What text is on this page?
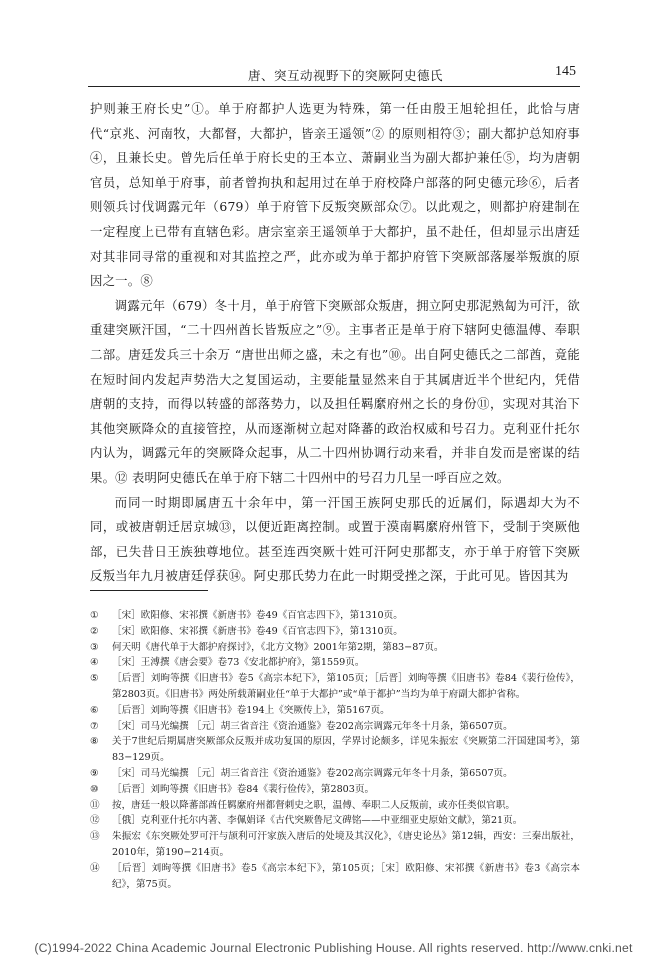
唐、突互动视野下的突厥阿史德氏	145

护则兼王府长史”①。单于府都护人选更为特殊，第一任由殷王旭轮担任，此恰与唐代“京兆、河南牧，大都督，大都护，皆亲王遥领”② 的原则相符③；副大都护总知府事④，且兼长史。曾先后任单于府长史的王本立、萧嗣业当为副大都护兼任⑤，均为唐朝官员，总知单于府事，前者曾拘执和起用过在单于府校降户部落的阿史德元珍⑥，后者则领兵讨伐调露元年（679）单于府管下反叛突厥部众⑦。以此观之，则都护府建制在一定程度上已带有直辖色彩。唐宗室亲王遥领单于大都护，虽不赴任，但却显示出唐廷对其非同寻常的重视和对其监控之严，此亦或为单于都护府管下突厥部落屡举叛旗的原因之一。⑧

调露元年（679）冬十月，单于府管下突厥部众叛唐，拥立阿史那泥熟匐为可汗，欲重建突厥汗国，“二十四州酋长皆叛应之”⑨。主事者正是单于府下辖阿史德温傅、奉职二部。唐廷发兵三十余万 “唐世出师之盛，未之有也”⑩。出自阿史德氏之二部酋，竟能在短时间内发起声势浩大之复国运动，主要能量显然来自于其属唐近半个世纪内，凭借唐朝的支持，而得以转盛的部落势力，以及担任羁縻府州之长的身份⑪，实现对其治下其他突厥降众的直接管控，从而逐渐树立起对降蕃的政治权威和号召力。克利亚什托尔内认为，调露元年的突厥降众起事，从二十四州协调行动来看，并非自发而是密谋的结果。⑫ 表明阿史德氏在单于府下辖二十四州中的号召力几呈一呼百应之效。

而同一时期即属唐五十余年中，第一汗国王族阿史那氏的近属们，际遇却大为不同，或被唐朝迁居京城⑬，以便近距离控制。或置于漠南羁縻府州管下，受制于突厥他部，已失昔日王族独尊地位。甚至连西突厥十姓可汗阿史那都支，亦于单于府管下突厥反叛当年九月被唐廷俘获⑭。阿史那氏势力在此一时期受挫之深，于此可见。皆因其为

①	［宋］欧阳修、宋祁撰《新唐书》卷49《百官志四下》，第1310页。

②	［宋］欧阳修、宋祁撰《新唐书》卷49《百官志四下》，第1310页。

③	何天明《唐代单于大都护府探讨》，《北方文物》2001年第2期，第83−87页。

④	［宋］王溥撰《唐会要》卷73《安北都护府》，第1559页。

⑤	［后晋］刘昫等撰《旧唐书》卷5《高宗本纪下》，第105页；［后晋］刘昫等撰《旧唐书》卷84《裴行俭传》，第2803页。《旧唐书》两处所载萧嗣业任“单于大都护”或“单于都护”当均为单于府副大都护省称。

⑥	［后晋］刘昫等撰《旧唐书》卷194上《突厥传上》，第5167页。

⑦	［宋］司马光编撰 ［元］胡三省音注《资治通鉴》卷202高宗调露元年冬十月条，第6507页。

⑧	关于7世纪后期属唐突厥部众反叛并成功复国的原因，学界讨论颇多，详见朱振宏《突厥第二汗国建国考》，第83−129页。

⑨	［宋］司马光编撰 ［元］胡三省音注《资治通鉴》卷202高宗调露元年冬十月条，第6507页。

⑩	［后晋］刘昫等撰《旧唐书》卷84《裴行俭传》，第2803页。

⑪	按，唐廷一般以降蕃部酋任羁縻府州都督刺史之职，温傅、奉职二人反叛前，或亦任类似官职。

⑫	［俄］克利亚什托尔内著、李佩娟译《古代突厥鲁尼文碑铭——中亚细亚史原始文献》，第21页。

⑬	朱振宏《东突厥处罗可汗与颉利可汗家族入唐后的处境及其汉化》，《唐史论丛》第12辑，西安：三秦出版社，2010年，第190−214页。

⑭	［后晋］刘昫等撰《旧唐书》卷5《高宗本纪下》，第105页；［宋］欧阳修、宋祁撰《新唐书》卷3《高宗本纪》，第75页。

(C)1994-2022 China Academic Journal Electronic Publishing House. All rights reserved. http://www.cnki.net
